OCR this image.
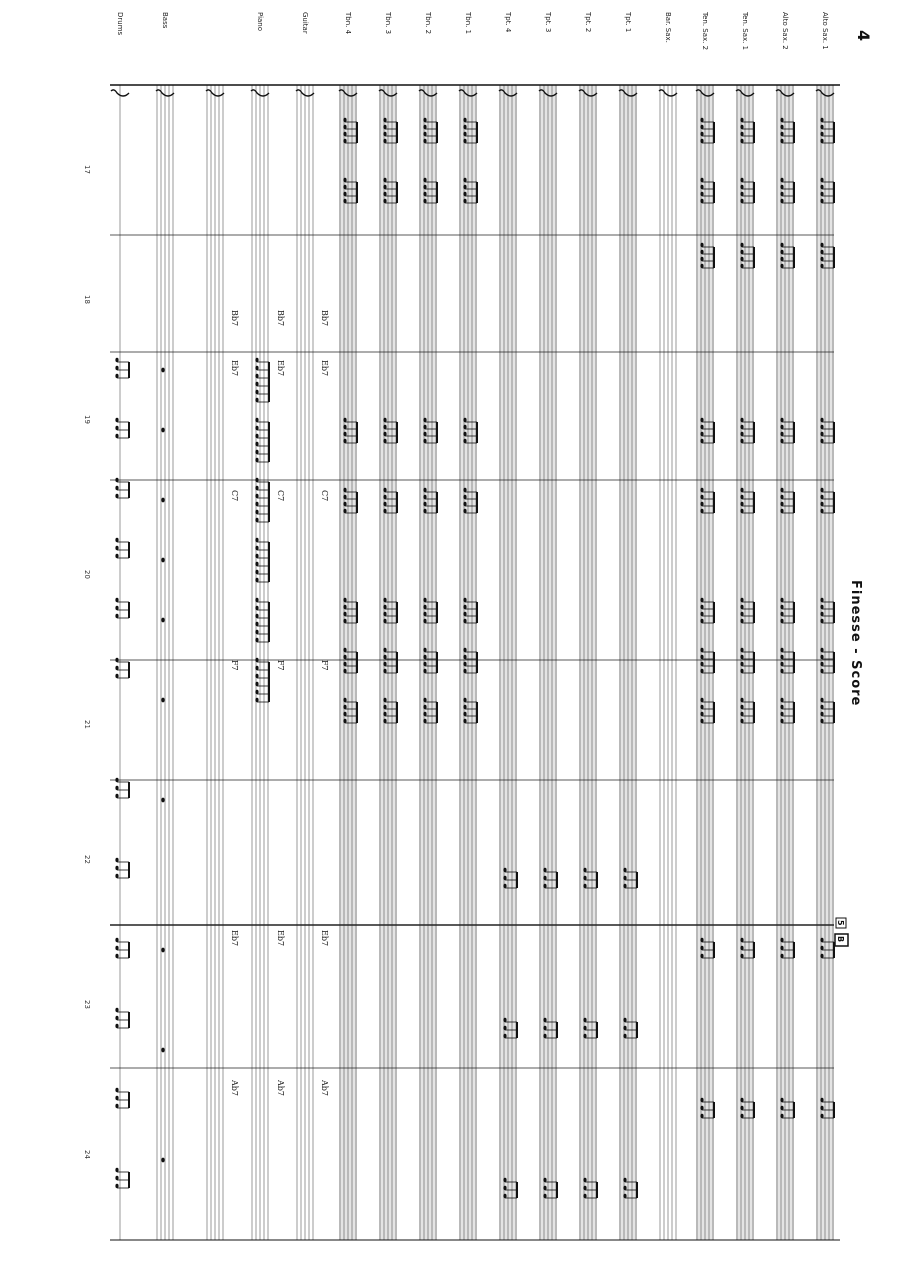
4
Finesse - Score
5
B
Alto Sax. 1
Alto Sax. 2
Ten. Sax. 1
Ten. Sax. 2
Bar. Sax.
Tpt. 1
Tpt. 2
Tpt. 3
Tpt. 4
Tbn. 1
Tbn. 2
Tbn. 3
Tbn. 4
Guitar
Piano
Bass
Drums
17
18
19
20
21
22
23
24
Bb7
Bb7
Bb7
Eb7
Eb7
Eb7
C7
C7
C7
F7
F7
F7
Eb7
Eb7
Eb7
Ab7
Ab7
Ab7
